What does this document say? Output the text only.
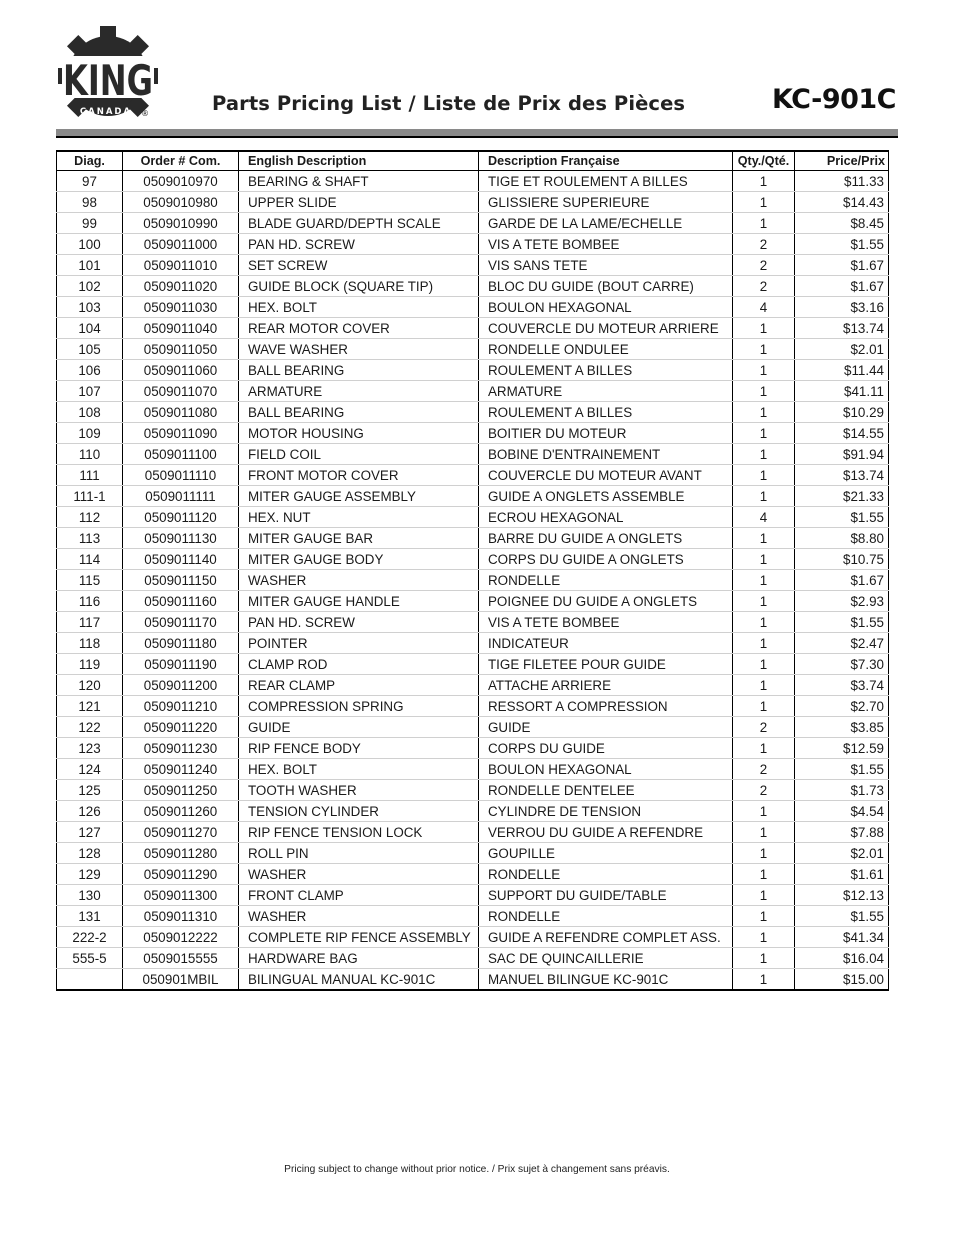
KING
CANADA ®	Parts Pricing List / Liste de Prix des Pièces	KC-901C
Diag.	Order # Com.	English Description	Description Française	Qty./Qté.	Price/Prix
97	0509010970	BEARING & SHAFT	TIGE ET ROULEMENT A BILLES	1	$11.33
98	0509010980	UPPER SLIDE	GLISSIERE SUPERIEURE	1	$14.43
99	0509010990	BLADE GUARD/DEPTH SCALE	GARDE DE LA LAME/ECHELLE	1	$8.45
100	0509011000	PAN HD. SCREW	VIS A TETE BOMBEE	2	$1.55
101	0509011010	SET SCREW	VIS SANS TETE	2	$1.67
102	0509011020	GUIDE BLOCK (SQUARE TIP)	BLOC DU GUIDE (BOUT CARRE)	2	$1.67
103	0509011030	HEX. BOLT	BOULON HEXAGONAL	4	$3.16
104	0509011040	REAR MOTOR COVER	COUVERCLE DU MOTEUR ARRIERE	1	$13.74
105	0509011050	WAVE WASHER	RONDELLE ONDULEE	1	$2.01
106	0509011060	BALL BEARING	ROULEMENT A BILLES	1	$11.44
107	0509011070	ARMATURE	ARMATURE	1	$41.11
108	0509011080	BALL BEARING	ROULEMENT A BILLES	1	$10.29
109	0509011090	MOTOR HOUSING	BOITIER DU MOTEUR	1	$14.55
110	0509011100	FIELD COIL	BOBINE D'ENTRAINEMENT	1	$91.94
111	0509011110	FRONT MOTOR COVER	COUVERCLE DU MOTEUR AVANT	1	$13.74
111-1	0509011111	MITER GAUGE ASSEMBLY	GUIDE A ONGLETS ASSEMBLE	1	$21.33
112	0509011120	HEX. NUT	ECROU HEXAGONAL	4	$1.55
113	0509011130	MITER GAUGE BAR	BARRE DU GUIDE A ONGLETS	1	$8.80
114	0509011140	MITER GAUGE BODY	CORPS DU GUIDE A ONGLETS	1	$10.75
115	0509011150	WASHER	RONDELLE	1	$1.67
116	0509011160	MITER GAUGE HANDLE	POIGNEE DU GUIDE A ONGLETS	1	$2.93
117	0509011170	PAN HD. SCREW	VIS A TETE BOMBEE	1	$1.55
118	0509011180	POINTER	INDICATEUR	1	$2.47
119	0509011190	CLAMP ROD	TIGE FILETEE POUR GUIDE	1	$7.30
120	0509011200	REAR CLAMP	ATTACHE ARRIERE	1	$3.74
121	0509011210	COMPRESSION SPRING	RESSORT A COMPRESSION	1	$2.70
122	0509011220	GUIDE	GUIDE	2	$3.85
123	0509011230	RIP FENCE BODY	CORPS DU GUIDE	1	$12.59
124	0509011240	HEX. BOLT	BOULON HEXAGONAL	2	$1.55
125	0509011250	TOOTH WASHER	RONDELLE DENTELEE	2	$1.73
126	0509011260	TENSION CYLINDER	CYLINDRE DE TENSION	1	$4.54
127	0509011270	RIP FENCE TENSION LOCK	VERROU DU GUIDE A REFENDRE	1	$7.88
128	0509011280	ROLL PIN	GOUPILLE	1	$2.01
129	0509011290	WASHER	RONDELLE	1	$1.61
130	0509011300	FRONT CLAMP	SUPPORT DU GUIDE/TABLE	1	$12.13
131	0509011310	WASHER	RONDELLE	1	$1.55
222-2	0509012222	COMPLETE RIP FENCE ASSEMBLY	GUIDE A REFENDRE COMPLET ASS.	1	$41.34
555-5	0509015555	HARDWARE BAG	SAC DE QUINCAILLERIE	1	$16.04
	050901MBIL	BILINGUAL MANUAL KC-901C	MANUEL BILINGUE KC-901C	1	$15.00
Pricing subject to change without prior notice. / Prix sujet à changement sans préavis.
